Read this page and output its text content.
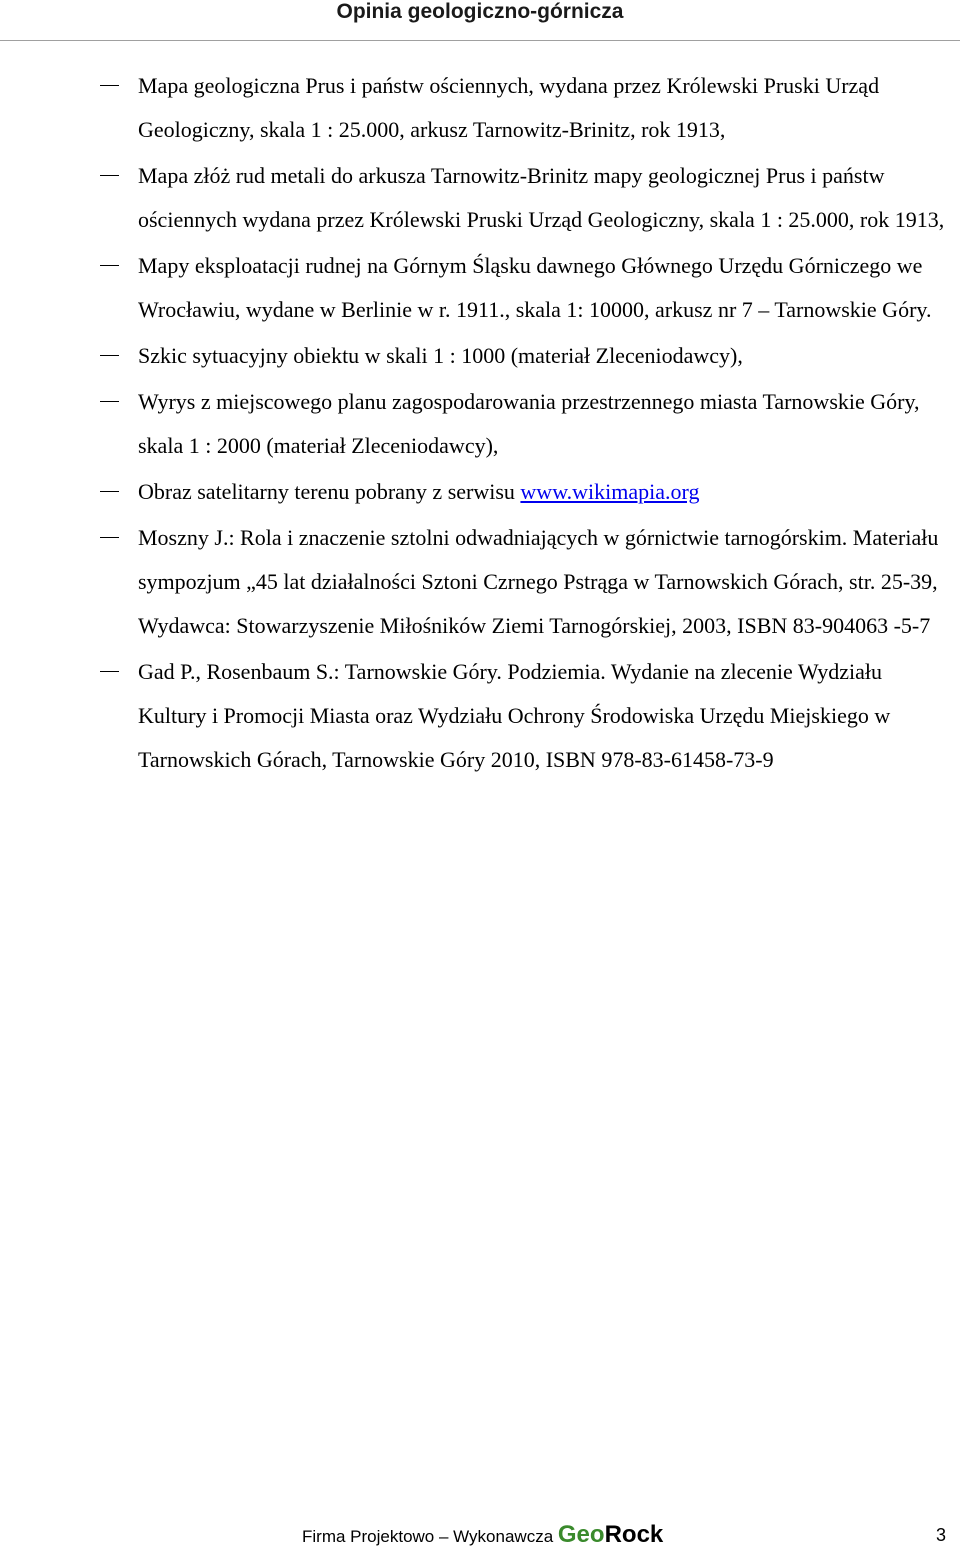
Opinia geologiczno-górnicza
Mapa geologiczna Prus i państw ościennych, wydana przez Królewski Pruski Urząd Geologiczny, skala 1 : 25.000, arkusz Tarnowitz-Brinitz, rok 1913,
Mapa złóż rud metali do arkusza Tarnowitz-Brinitz mapy geologicznej Prus i państw ościennych wydana przez Królewski Pruski Urząd Geologiczny, skala 1 : 25.000, rok 1913,
Mapy eksploatacji rudnej na Górnym Śląsku dawnego Głównego Urzędu Górniczego we Wrocławiu, wydane w Berlinie w r. 1911., skala 1: 10000, arkusz nr 7 – Tarnowskie Góry.
Szkic sytuacyjny obiektu w skali 1 : 1000 (materiał Zleceniodawcy),
Wyrys z miejscowego planu zagospodarowania przestrzennego miasta Tarnowskie Góry, skala 1 : 2000 (materiał Zleceniodawcy),
Obraz satelitarny terenu pobrany z serwisu www.wikimapia.org
Moszny J.: Rola i znaczenie sztolni odwadniających w górnictwie tarnogórskim. Materiału sympozjum „45 lat działalności Sztoni Czrnego Pstrąga w Tarnowskich Górach, str. 25-39, Wydawca: Stowarzyszenie Miłośników Ziemi Tarnogórskiej, 2003, ISBN 83-904063 -5-7
Gad P., Rosenbaum S.: Tarnowskie Góry. Podziemia. Wydanie na zlecenie Wydziału Kultury i Promocji Miasta oraz Wydziału Ochrony Środowiska Urzędu Miejskiego w Tarnowskich Górach, Tarnowskie Góry 2010, ISBN 978-83-61458-73-9
Firma Projektowo – Wykonawcza GeoRock	3
